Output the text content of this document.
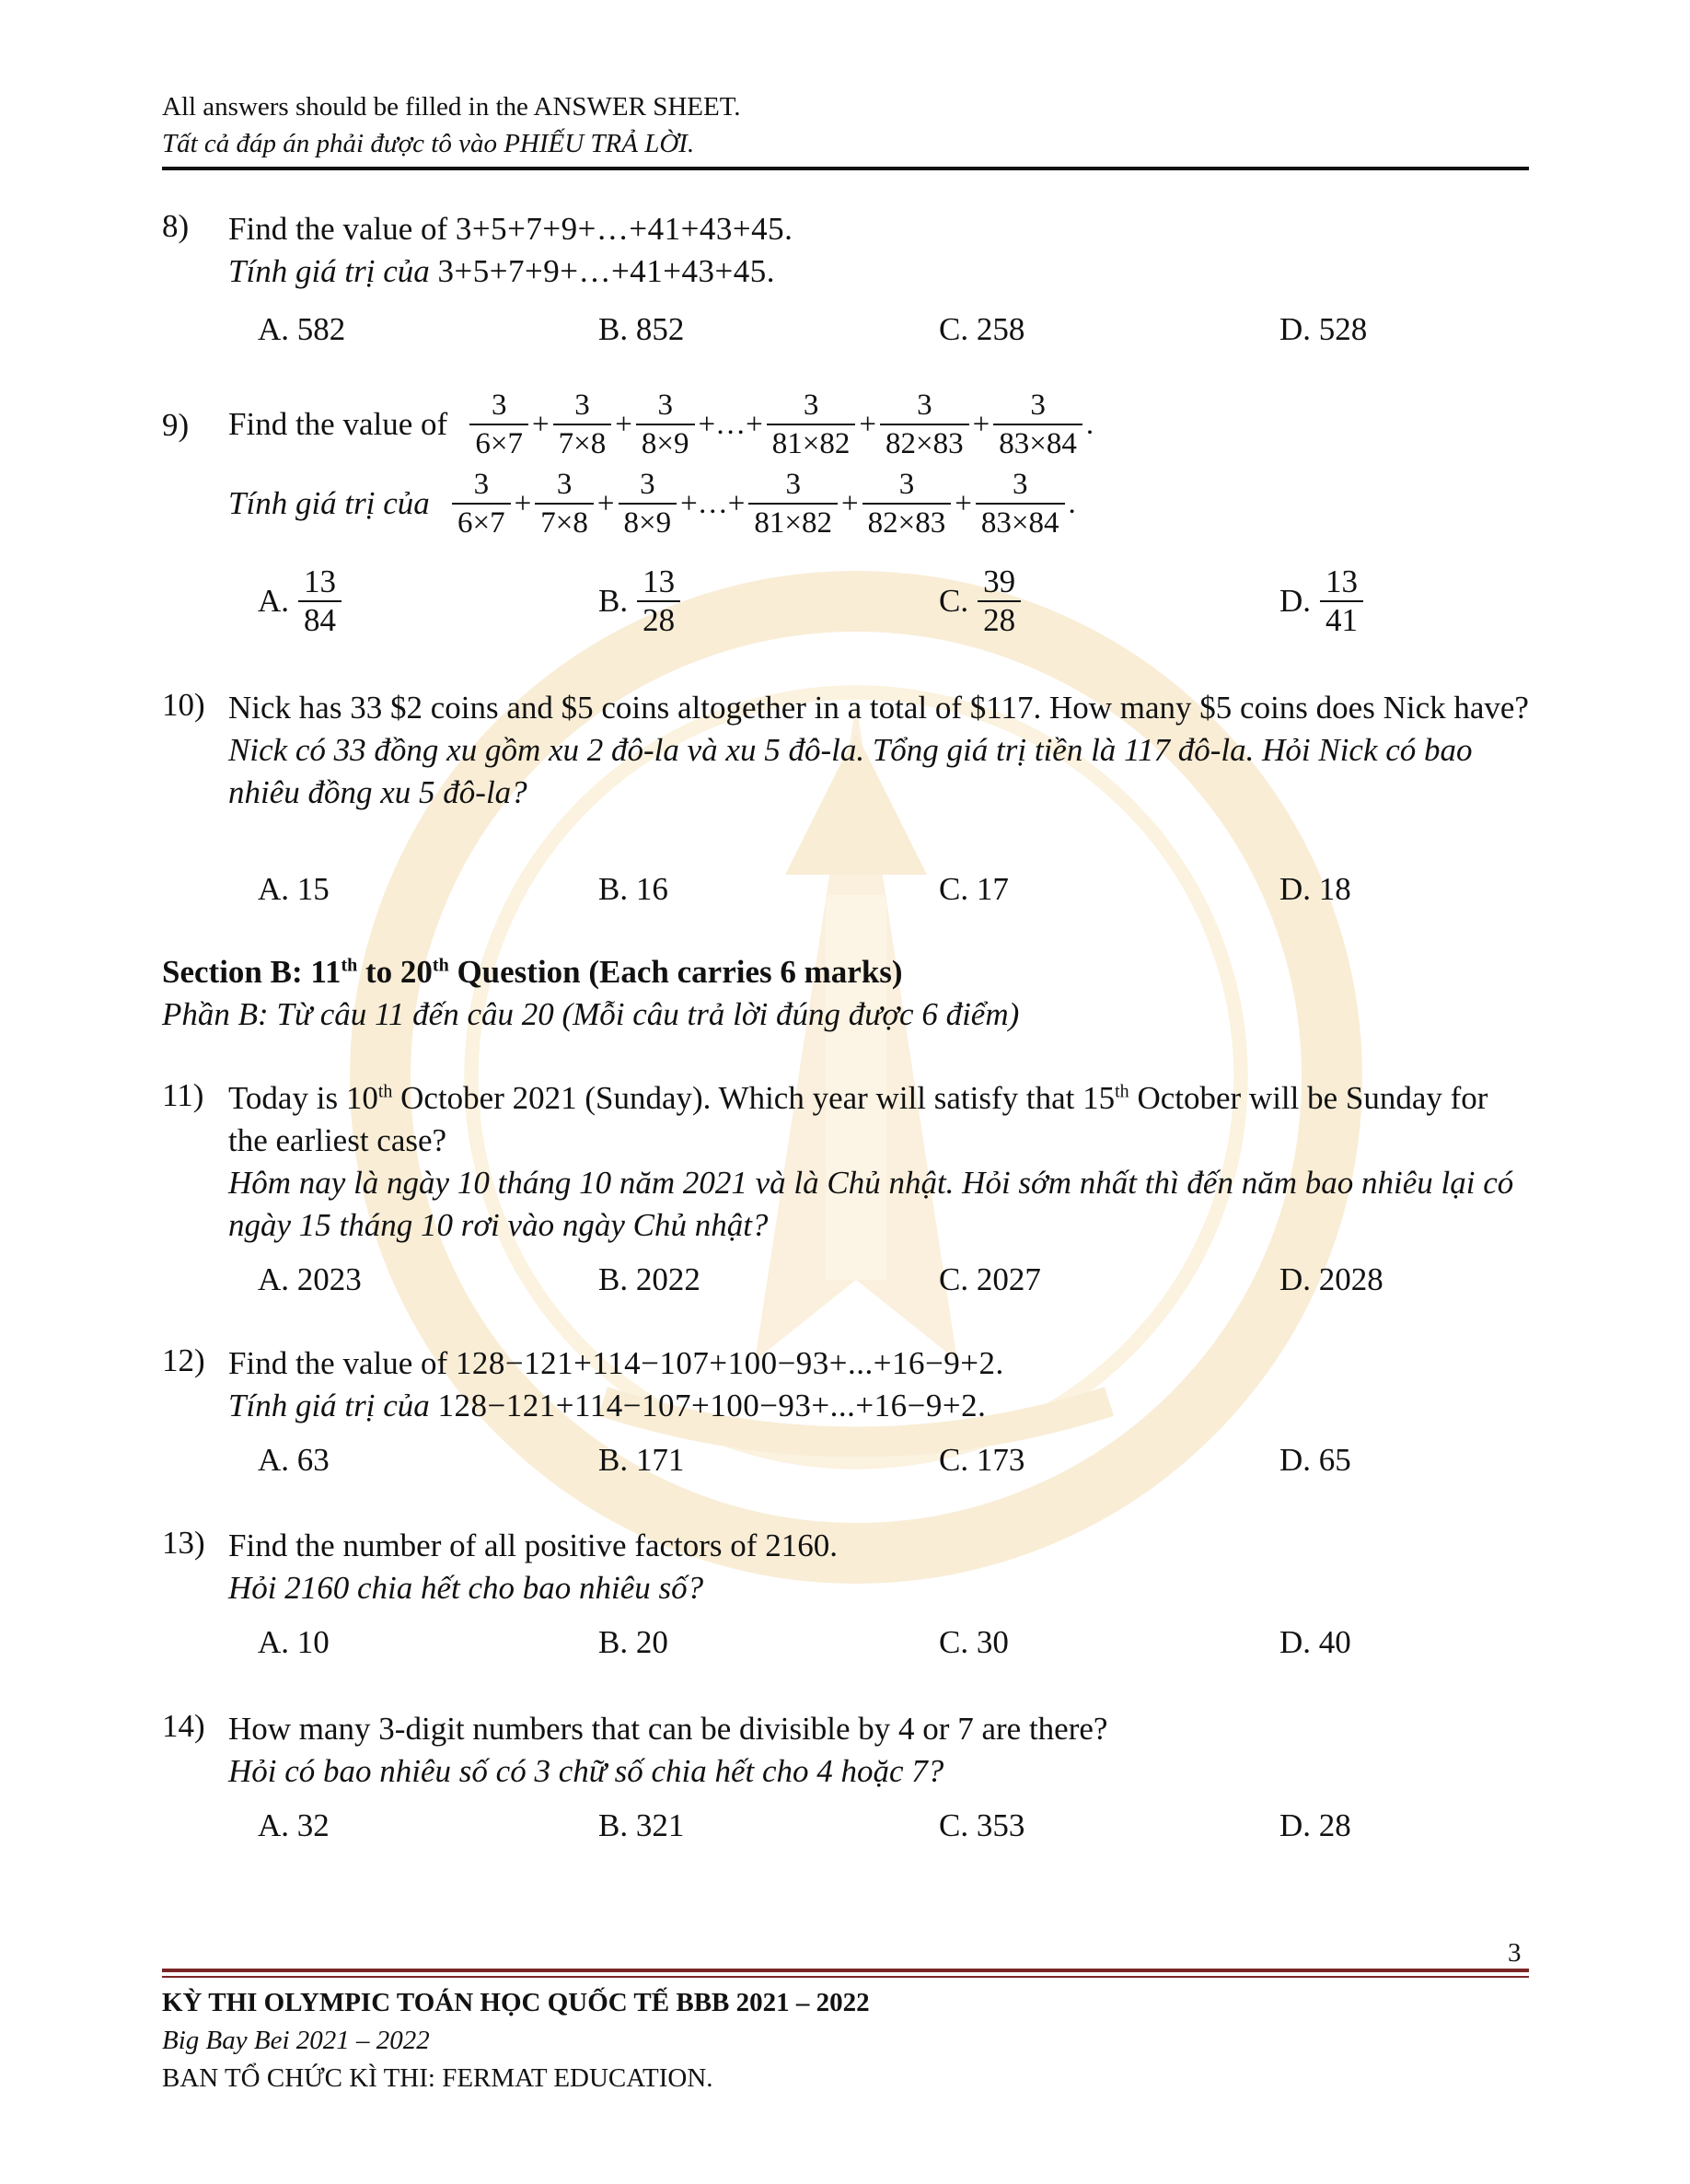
All answers should be filled in the ANSWER SHEET.
Tất cả đáp án phải được tô vào PHIẾU TRẢ LỜI.
8) Find the value of 3+5+7+9+…+41+43+45.
Tính giá trị của 3+5+7+9+…+41+43+45.
A. 582	B. 852	C. 258	D. 528
9) Find the value of $\frac{3}{6\times 7} + \frac{3}{7\times 8} + \frac{3}{8\times 9}$ +…+ $\frac{3}{81\times 82} + \frac{3}{82\times 83} + \frac{3}{83\times 84}$ .
Tính giá trị của $\frac{3}{6\times 7} + \frac{3}{7\times 8} + \frac{3}{8\times 9}$ +…+ $\frac{3}{81\times 82} + \frac{3}{82\times 83} + \frac{3}{83\times 84}$ .
A. $\frac{13}{84}$	B. $\frac{13}{28}$	C. $\frac{39}{28}$	D. $\frac{13}{41}$
10) Nick has 33 $2 coins and $5 coins altogether in a total of $117. How many $5 coins does Nick have?
Nick có 33 đồng xu gồm xu 2 đô-la và xu 5 đô-la. Tổng giá trị tiền là 117 đô-la. Hỏi Nick có bao nhiêu đồng xu 5 đô-la?
A. 15	B. 16	C. 17	D. 18
Section B: 11th to 20th Question (Each carries 6 marks)
Phần B: Từ câu 11 đến câu 20 (Mỗi câu trả lời đúng được 6 điểm)
11) Today is 10th October 2021 (Sunday). Which year will satisfy that 15th October will be Sunday for the earliest case?
Hôm nay là ngày 10 tháng 10 năm 2021 và là Chủ nhật. Hỏi sớm nhất thì đến năm bao nhiêu lại có ngày 15 tháng 10 rơi vào ngày Chủ nhật?
A. 2023	B. 2022	C. 2027	D. 2028
12) Find the value of 128−121+114−107+100−93+...+16−9+2.
Tính giá trị của 128−121+114−107+100−93+...+16−9+2.
A. 63	B. 171	C. 173	D. 65
13) Find the number of all positive factors of 2160.
Hỏi 2160 chia hết cho bao nhiêu số?
A. 10	B. 20	C. 30	D. 40
14) How many 3-digit numbers that can be divisible by 4 or 7 are there?
Hỏi có bao nhiêu số có 3 chữ số chia hết cho 4 hoặc 7?
A. 32	B. 321	C. 353	D. 28
3
KỲ THI OLYMPIC TOÁN HỌC QUỐC TẾ BBB 2021 – 2022
Big Bay Bei 2021 – 2022
BAN TỔ CHỨC KÌ THI: FERMAT EDUCATION.
